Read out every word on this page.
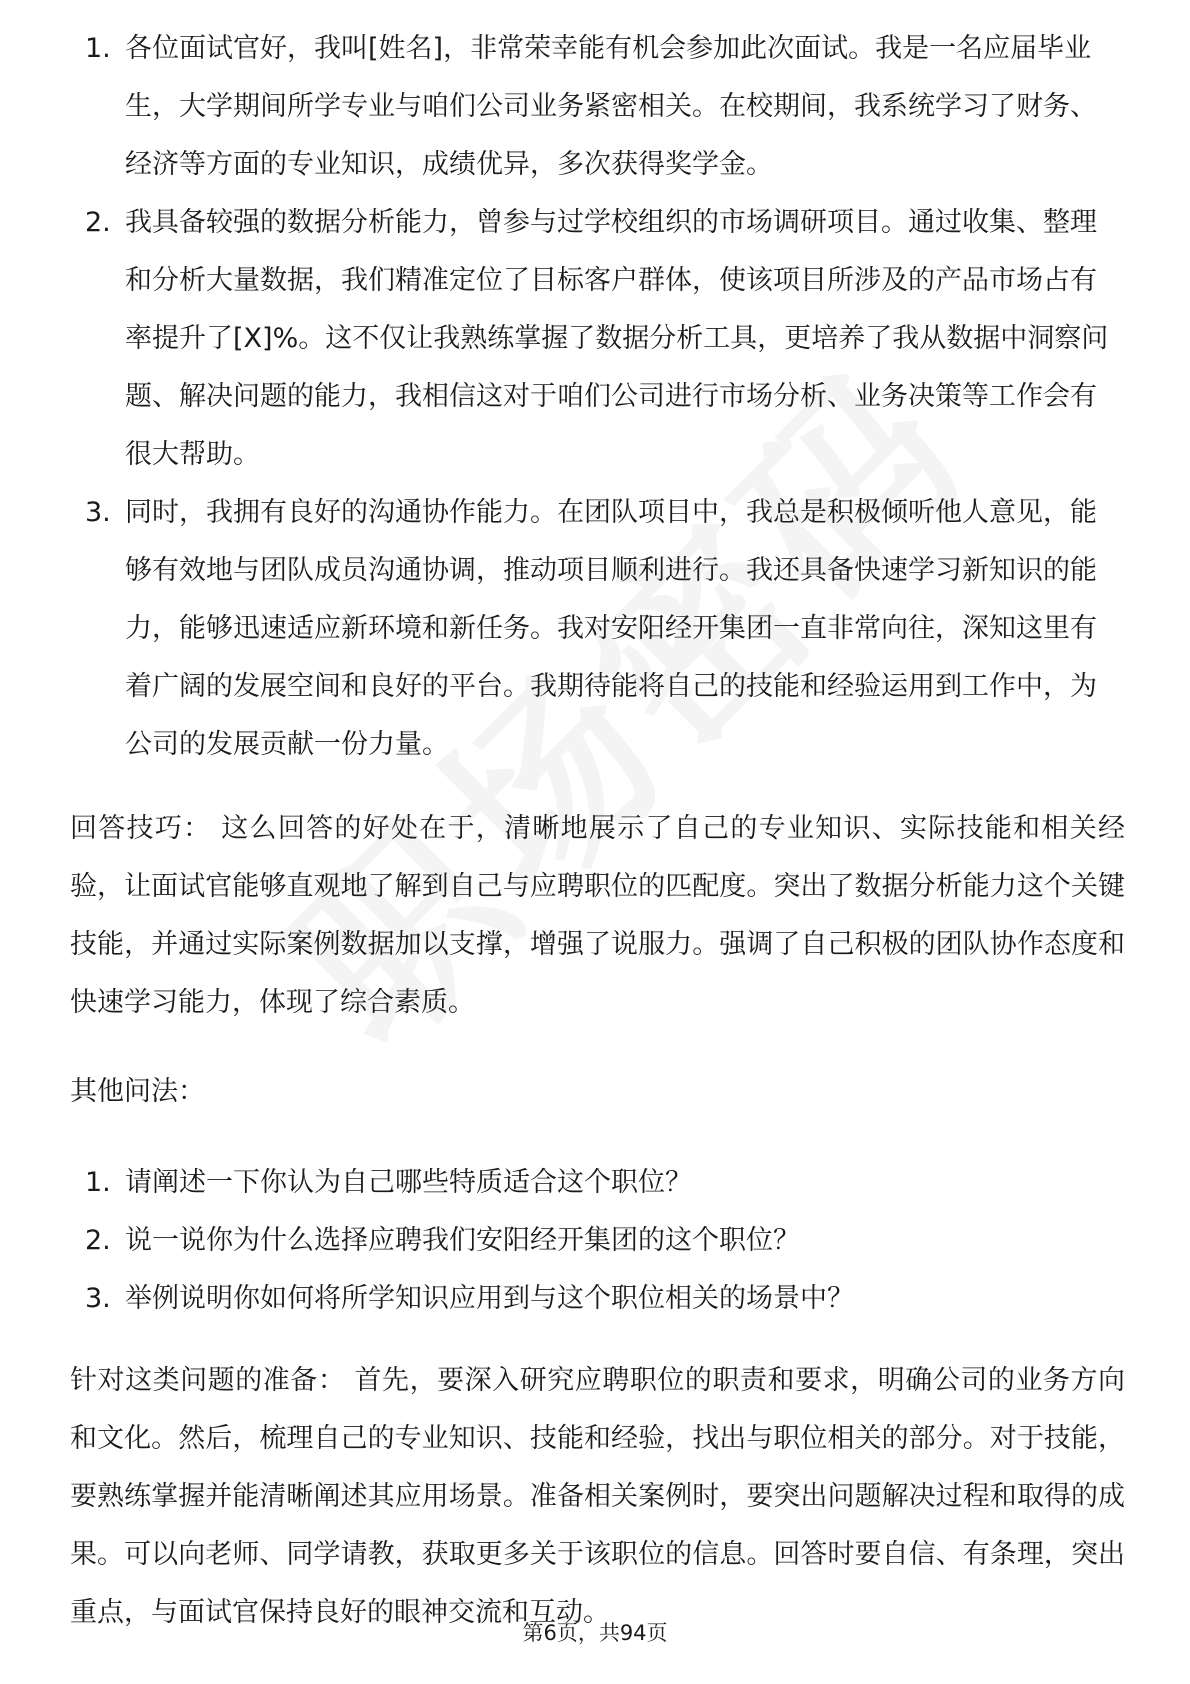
1. 各位面试官好，我叫[姓名]，非常荣幸能有机会参加此次面试。我是一名应届毕业生，大学期间所学专业与咱们公司业务紧密相关。在校期间，我系统学习了财务、经济等方面的专业知识，成绩优异，多次获得奖学金。
2. 我具备较强的数据分析能力，曾参与过学校组织的市场调研项目。通过收集、整理和分析大量数据，我们精准定位了目标客户群体，使该项目所涉及的产品市场占有率提升了[X]%。这不仅让我熟练掌握了数据分析工具，更培养了我从数据中洞察问题、解决问题的能力，我相信这对于咱们公司进行市场分析、业务决策等工作会有很大帮助。
3. 同时，我拥有良好的沟通协作能力。在团队项目中，我总是积极倾听他人意见，能够有效地与团队成员沟通协调，推动项目顺利进行。我还具备快速学习新知识的能力，能够迅速适应新环境和新任务。我对安阳经开集团一直非常向往，深知这里有着广阔的发展空间和良好的平台。我期待能将自己的技能和经验运用到工作中，为公司的发展贡献一份力量。
回答技巧： 这么回答的好处在于，清晰地展示了自己的专业知识、实际技能和相关经验，让面试官能够直观地了解到自己与应聘职位的匹配度。突出了数据分析能力这个关键技能，并通过实际案例数据加以支撑，增强了说服力。强调了自己积极的团队协作态度和快速学习能力，体现了综合素质。
其他问法：
1. 请阐述一下你认为自己哪些特质适合这个职位？
2. 说一说你为什么选择应聘我们安阳经开集团的这个职位？
3. 举例说明你如何将所学知识应用到与这个职位相关的场景中？
针对这类问题的准备： 首先，要深入研究应聘职位的职责和要求，明确公司的业务方向和文化。然后，梳理自己的专业知识、技能和经验，找出与职位相关的部分。对于技能，要熟练掌握并能清晰阐述其应用场景。准备相关案例时，要突出问题解决过程和取得的成果。可以向老师、同学请教，获取更多关于该职位的信息。回答时要自信、有条理，突出重点，与面试官保持良好的眼神交流和互动。
第6页，共94页
